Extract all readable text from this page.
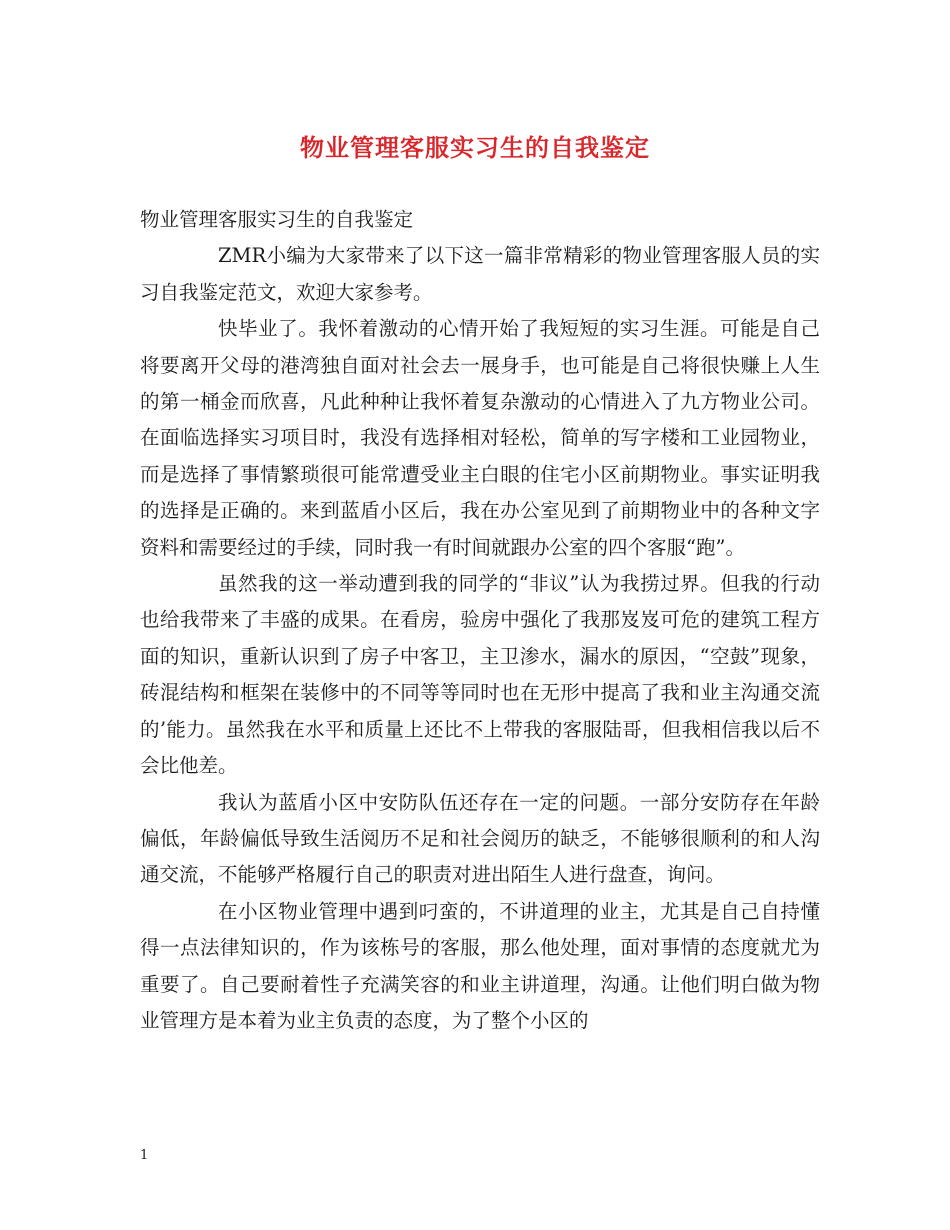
物业管理客服实习生的自我鉴定

物业管理客服实习生的自我鉴定

ZMR小编为大家带来了以下这一篇非常精彩的物业管理客服人员的实习自我鉴定范文，欢迎大家参考。

快毕业了。我怀着激动的心情开始了我短短的实习生涯。可能是自己将要离开父母的港湾独自面对社会去一展身手，也可能是自己将很快赚上人生的第一桶金而欣喜，凡此种种让我怀着复杂激动的心情进入了九方物业公司。在面临选择实习项目时，我没有选择相对轻松，简单的写字楼和工业园物业，而是选择了事情繁琐很可能常遭受业主白眼的住宅小区前期物业。事实证明我的选择是正确的。来到蓝盾小区后，我在办公室见到了前期物业中的各种文字资料和需要经过的手续，同时我一有时间就跟办公室的四个客服“跑”。

虽然我的这一举动遭到我的同学的“非议”认为我捞过界。但我的行动也给我带来了丰盛的成果。在看房，验房中强化了我那岌岌可危的建筑工程方面的知识，重新认识到了房子中客卫，主卫渗水，漏水的原因，“空鼓”现象，砖混结构和框架在装修中的不同等等同时也在无形中提高了我和业主沟通交流的’能力。虽然我在水平和质量上还比不上带我的客服陆哥，但我相信我以后不会比他差。

我认为蓝盾小区中安防队伍还存在一定的问题。一部分安防存在年龄偏低，年龄偏低导致生活阅历不足和社会阅历的缺乏，不能够很顺利的和人沟通交流，不能够严格履行自己的职责对进出陌生人进行盘查，询问。

在小区物业管理中遇到叼蛮的，不讲道理的业主，尤其是自己自持懂得一点法律知识的，作为该栋号的客服，那么他处理，面对事情的态度就尤为重要了。自己要耐着性子充满笑容的和业主讲道理，沟通。让他们明白做为物业管理方是本着为业主负责的态度，为了整个小区的

1
